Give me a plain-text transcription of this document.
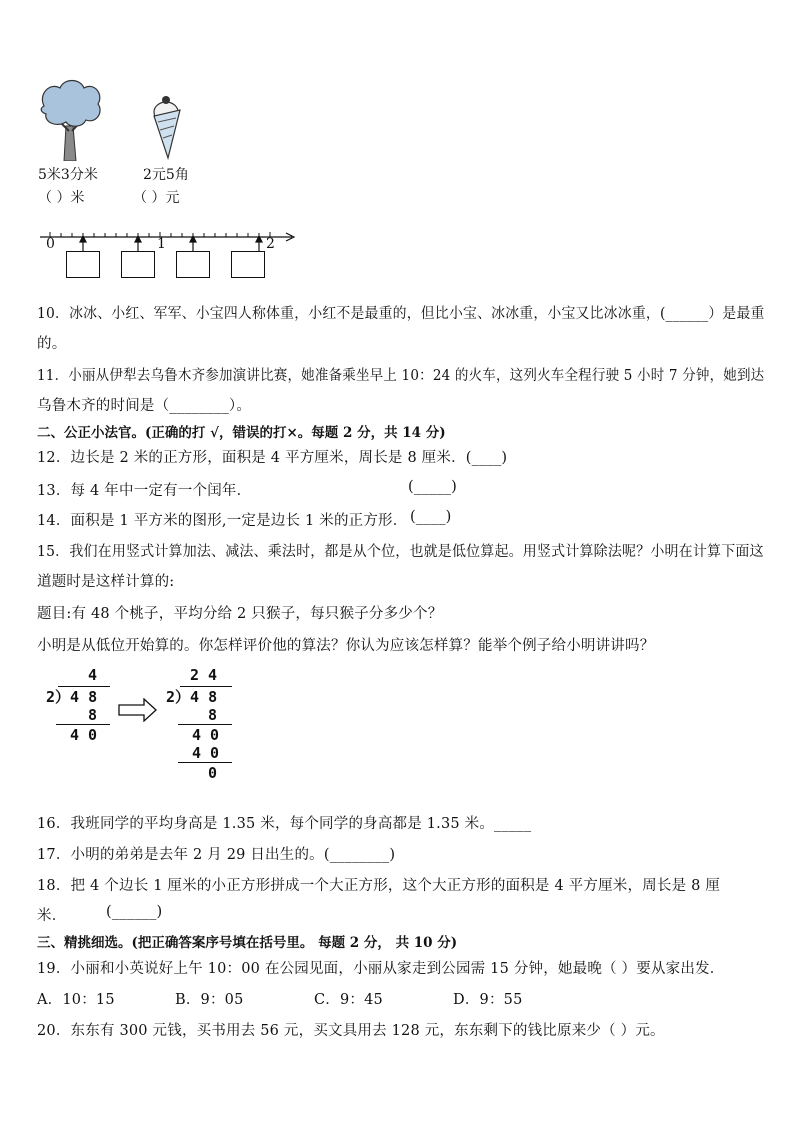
5米3分米	2元5角
（ ）米	（ ）元
0	1	2
10．冰冰、小红、军军、小宝四人称体重，小红不是最重的，但比小宝、冰冰重，小宝又比冰冰重，(______）是最重
的。
11．小丽从伊犁去乌鲁木齐参加演讲比赛，她准备乘坐早上 10：24 的火车，这列火车全程行驶 5 小时 7 分钟，她到达
乌鲁木齐的时间是（________）。
二、公正小法官。(正确的打 √，错误的打×。每题 2 分，共 14 分)
12．边长是 2 米的正方形，面积是 4 平方厘米，周长是 8 厘米．(____)
13．每 4 年中一定有一个闰年．	(_____)
14．面积是 1 平方米的图形,一定是边长 1 米的正方形． (____)
15．我们在用竖式计算加法、减法、乘法时，都是从个位，也就是低位算起。用竖式计算除法呢？小明在计算下面这
道题时是这样计算的:
题目:有 48 个桃子，平均分给 2 只猴子，每只猴子分多少个？
小明是从低位开始算的。你怎样评价他的算法？你认为应该怎样算？能举个例子给小明讲讲吗？
4
2）4 8
8
4 0
2 4
2）4 8
8
4 0
4 0
0
16．我班同学的平均身高是 1.35 米，每个同学的身高都是 1.35 米。_____
17．小明的弟弟是去年 2 月 29 日出生的。(________)
18．把 4 个边长 1 厘米的小正方形拼成一个大正方形，这个大正方形的面积是 4 平方厘米，周长是 8 厘
米．	(______)
三、精挑细选。(把正确答案序号填在括号里。 每题 2 分， 共 10 分)
19．小丽和小英说好上午 10：00 在公园见面，小丽从家走到公园需 15 分钟，她最晚（ ）要从家出发．
A．10：15	B．9：05	C．9：45	D．9：55
20．东东有 300 元钱，买书用去 56 元，买文具用去 128 元，东东剩下的钱比原来少（ ）元。
